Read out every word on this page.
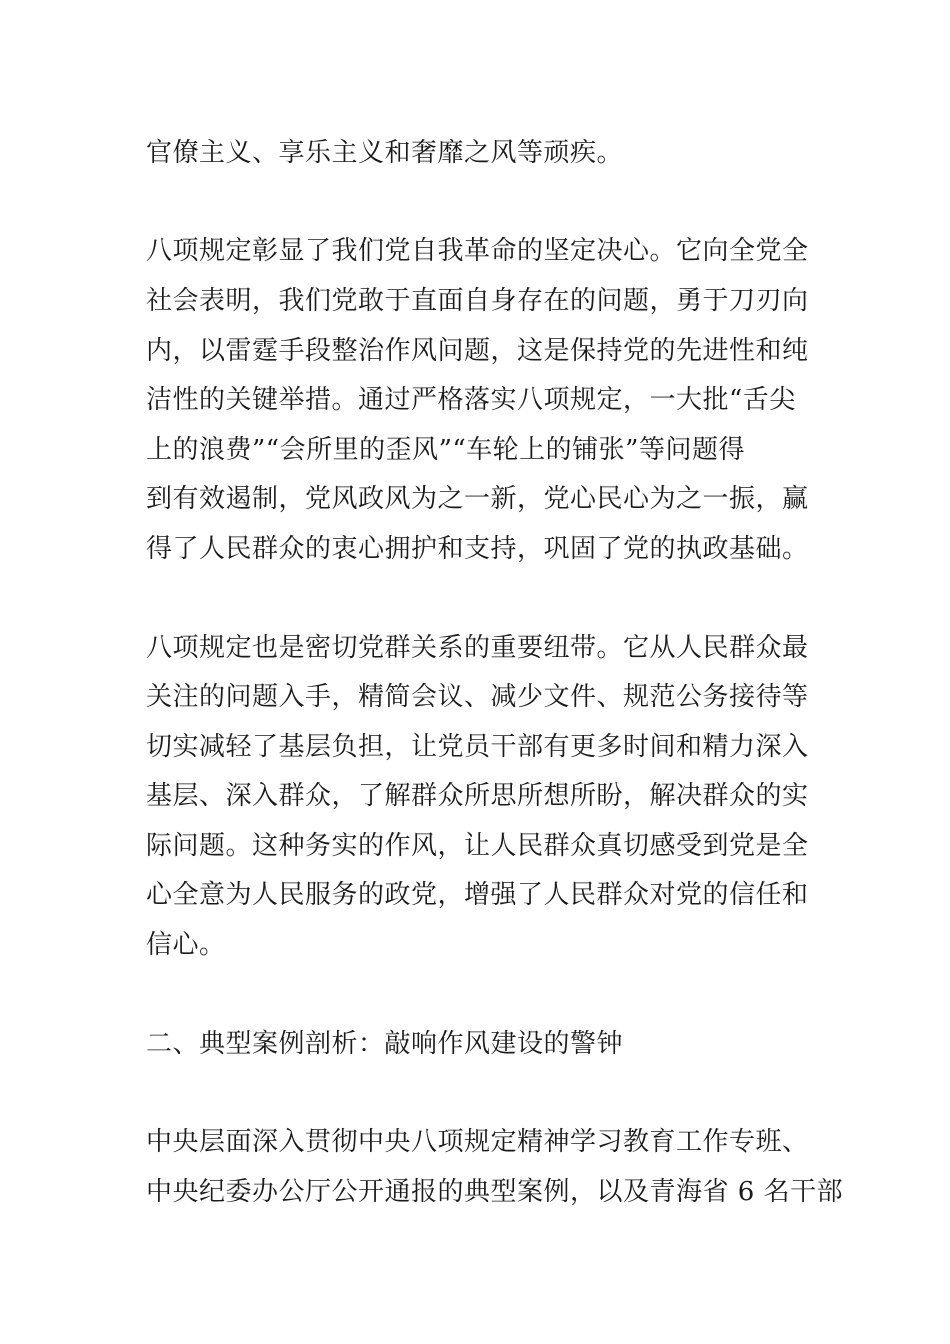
官僚主义、享乐主义和奢靡之风等顽疾。
八项规定彰显了我们党自我革命的坚定决心。它向全党全
社会表明，我们党敢于直面自身存在的问题，勇于刀刃向
内，以雷霆手段整治作风问题，这是保持党的先进性和纯
洁性的关键举措。通过严格落实八项规定，一大批“舌尖
上的浪费”“会所里的歪风”“车轮上的铺张”等问题得
到有效遏制，党风政风为之一新，党心民心为之一振，赢
得了人民群众的衷心拥护和支持，巩固了党的执政基础。
八项规定也是密切党群关系的重要纽带。它从人民群众最
关注的问题入手，精简会议、减少文件、规范公务接待等
切实减轻了基层负担，让党员干部有更多时间和精力深入
基层、深入群众，了解群众所思所想所盼，解决群众的实
际问题。这种务实的作风，让人民群众真切感受到党是全
心全意为人民服务的政党，增强了人民群众对党的信任和
信心。
二、典型案例剖析：敲响作风建设的警钟
中央层面深入贯彻中央八项规定精神学习教育工作专班、
中央纪委办公厅公开通报的典型案例，以及青海省 6 名干部
